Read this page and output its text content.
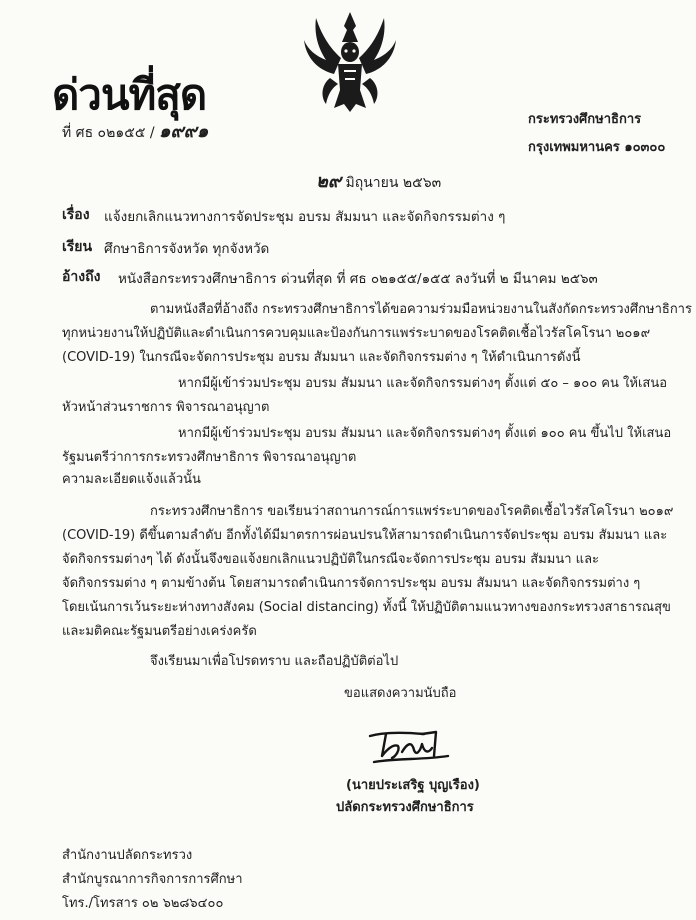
ด่วนที่สุด
ที่ ศธ ๐๒๑๕๕ / ๑๙๙๑
กระทรวงศึกษาธิการ
กรุงเทพมหานคร ๑๐๓๐๐
๒๙ มิถุนายน ๒๕๖๓
เรื่อง แจ้งยกเลิกแนวทางการจัดประชุม อบรม สัมมนา และจัดกิจกรรมต่าง ๆ
เรียน ศึกษาธิการจังหวัด ทุกจังหวัด
อ้างถึง หนังสือกระทรวงศึกษาธิการ ด่วนที่สุด ที่ ศธ ๐๒๑๕๕/๑๕๕ ลงวันที่ ๒ มีนาคม ๒๕๖๓
ตามหนังสือที่อ้างถึง กระทรวงศึกษาธิการได้ขอความร่วมมือหน่วยงานในสังกัดกระทรวงศึกษาธิการ
ทุกหน่วยงานให้ปฏิบัติและดำเนินการควบคุมและป้องกันการแพร่ระบาดของโรคติดเชื้อไวรัสโคโรนา ๒๐๑๙
(COVID-19) ในกรณีจะจัดการประชุม อบรม สัมมนา และจัดกิจกรรมต่าง ๆ ให้ดำเนินการดังนี้
หากมีผู้เข้าร่วมประชุม อบรม สัมมนา และจัดกิจกรรมต่างๆ ตั้งแต่ ๕๐ – ๑๐๐ คน ให้เสนอ
หัวหน้าส่วนราชการ พิจารณาอนุญาต
หากมีผู้เข้าร่วมประชุม อบรม สัมมนา และจัดกิจกรรมต่างๆ ตั้งแต่ ๑๐๐ คน ขึ้นไป ให้เสนอ
รัฐมนตรีว่าการกระทรวงศึกษาธิการ พิจารณาอนุญาต
ความละเอียดแจ้งแล้วนั้น
กระทรวงศึกษาธิการ ขอเรียนว่าสถานการณ์การแพร่ระบาดของโรคติดเชื้อไวรัสโคโรนา ๒๐๑๙
(COVID-19) ดีขึ้นตามลำดับ อีกทั้งได้มีมาตรการผ่อนปรนให้สามารถดำเนินการจัดประชุม อบรม สัมมนา และ
จัดกิจกรรมต่างๆ ได้ ดังนั้นจึงขอแจ้งยกเลิกแนวปฏิบัติในกรณีจะจัดการประชุม อบรม สัมมนา และ
จัดกิจกรรมต่าง ๆ ตามข้างต้น โดยสามารถดำเนินการจัดการประชุม อบรม สัมมนา และจัดกิจกรรมต่าง ๆ
โดยเน้นการเว้นระยะห่างทางสังคม (Social distancing) ทั้งนี้ ให้ปฏิบัติตามแนวทางของกระทรวงสาธารณสุข
และมติคณะรัฐมนตรีอย่างเคร่งครัด
จึงเรียนมาเพื่อโปรดทราบ และถือปฏิบัติต่อไป
ขอแสดงความนับถือ
(นายประเสริฐ บุญเรือง)
ปลัดกระทรวงศึกษาธิการ
สำนักงานปลัดกระทรวง
สำนักบูรณาการกิจการการศึกษา
โทร./โทรสาร ๐๒ ๖๒๘๖๔๐๐
